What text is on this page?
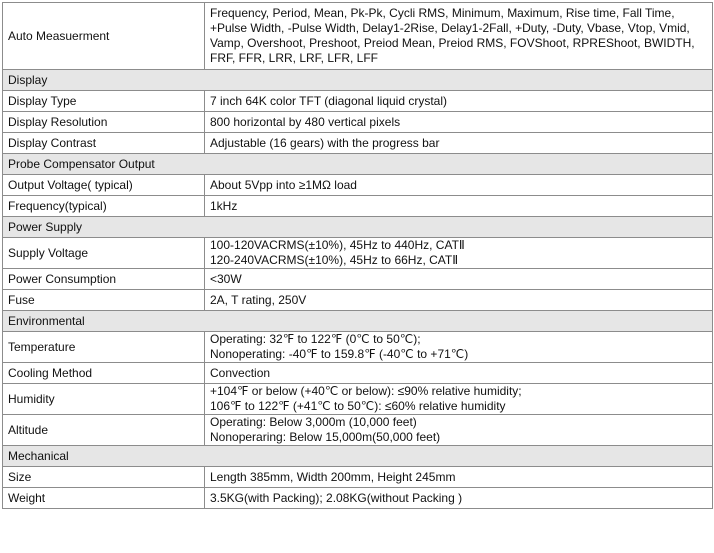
Auto Measuerment	Frequency, Period, Mean, Pk-Pk, Cycli RMS, Minimum, Maximum, Rise time, Fall Time,
+Pulse Width, -Pulse Width, Delay1-2Rise, Delay1-2Fall, +Duty, -Duty, Vbase, Vtop, Vmid,
Vamp, Overshoot, Preshoot, Preiod Mean, Preiod RMS, FOVShoot, RPREShoot, BWIDTH,
FRF, FFR, LRR, LRF, LFR, LFF

Display	
Display Type	7 inch 64K color TFT (diagonal liquid crystal)

Display Resolution	800 horizontal by 480 vertical pixels

Display Contrast	Adjustable (16 gears) with the progress bar

Probe Compensator Output	
Output Voltage( typical)	About 5Vpp into ≥1MΩ load

Frequency(typical)	1kHz

Power Supply	
Supply Voltage	100-120VACRMS(±10%), 45Hz to 440Hz, CATⅡ
120-240VACRMS(±10%), 45Hz to 66Hz, CATⅡ

Power Consumption	<30W

Fuse	2A, T rating, 250V

Environmental	
Temperature	Operating: 32℉ to 122℉ (0℃ to 50℃);
Nonoperating: -40℉ to 159.8℉ (-40℃ to +71℃)

Cooling Method	Convection

Humidity	+104℉ or below (+40℃ or below): ≤90% relative humidity;
106℉ to 122℉ (+41℃ to 50℃): ≤60% relative humidity

Altitude	Operating: Below 3,000m (10,000 feet)
Nonoperaring: Below 15,000m(50,000 feet)

Mechanical	
Size	Length 385mm, Width 200mm, Height 245mm

Weight	3.5KG(with Packing); 2.08KG(without Packing )
